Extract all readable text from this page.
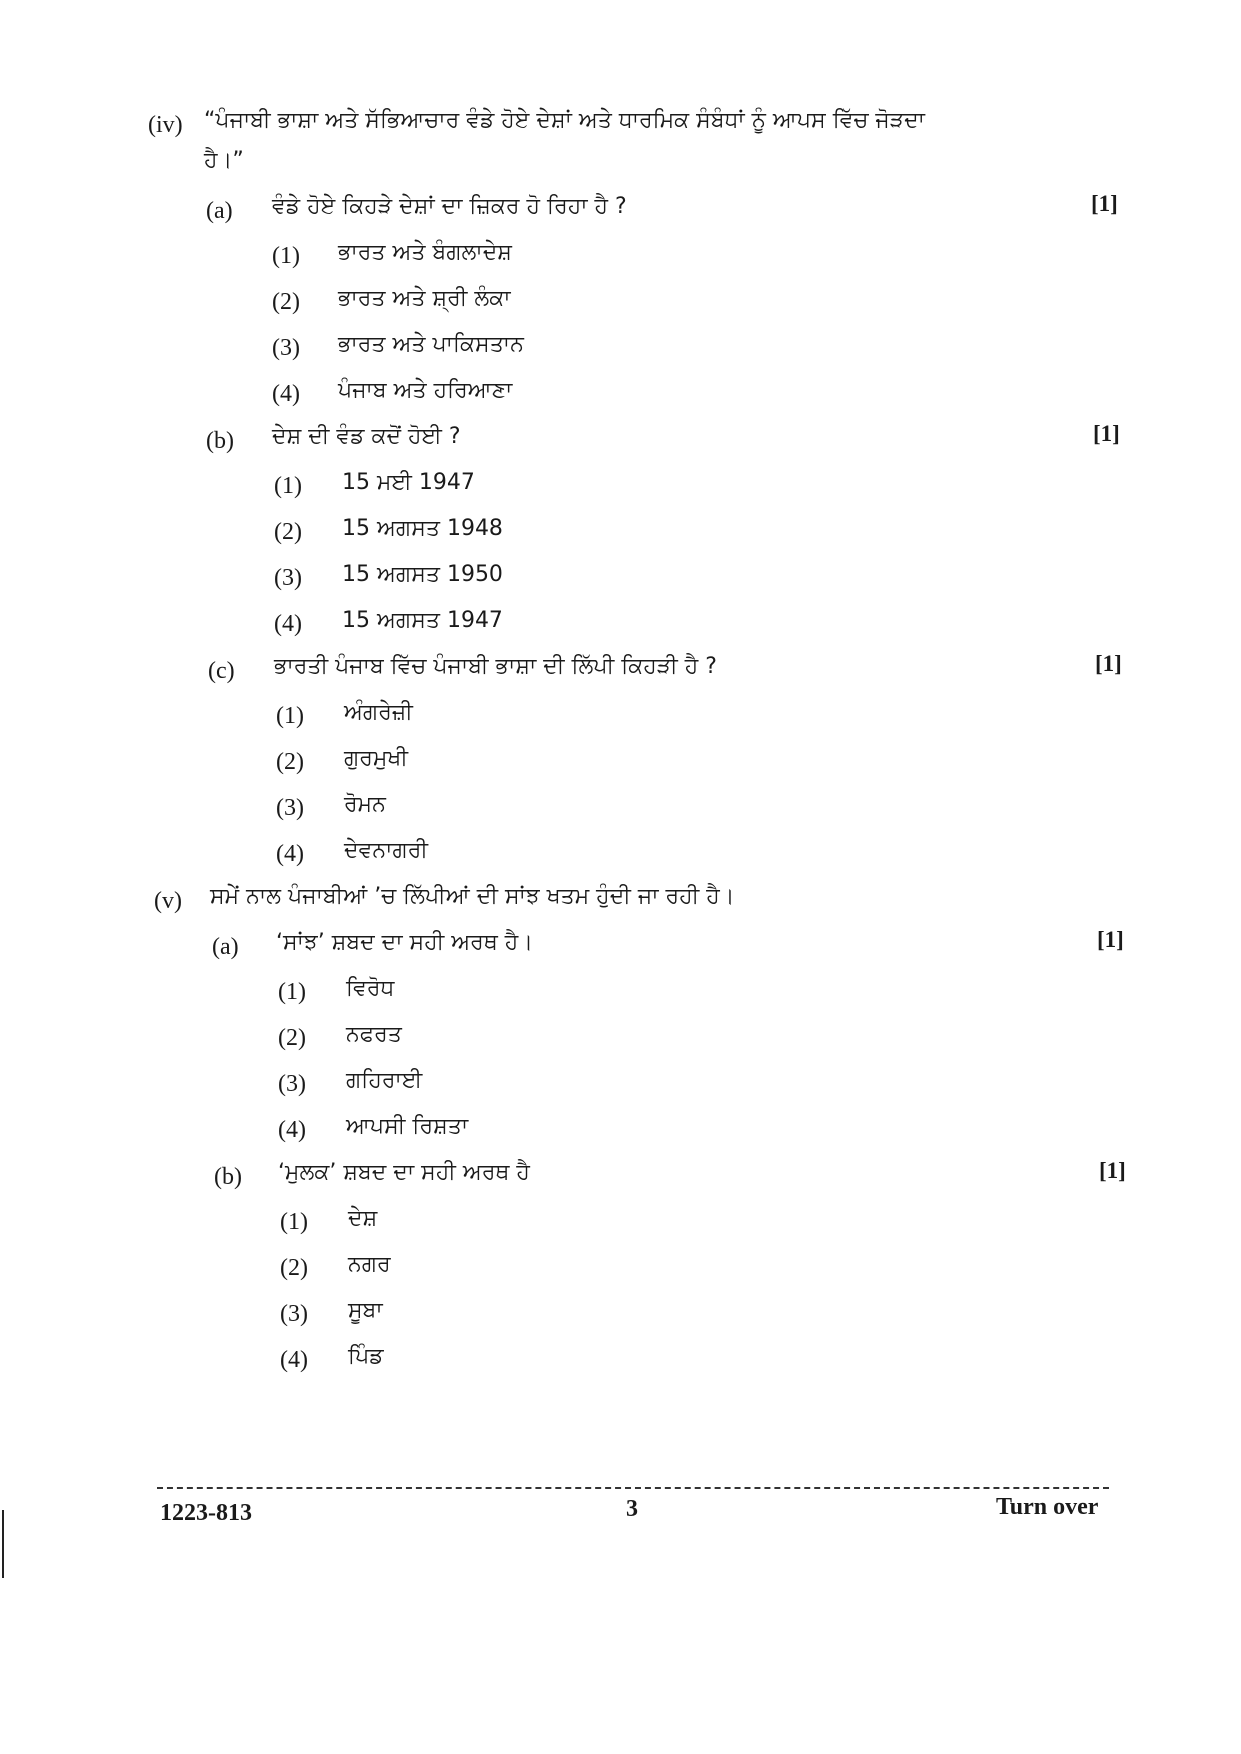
(iv) “ਪੰਜਾਬੀ ਭਾਸ਼ਾ ਅਤੇ ਸੱਭਿਆਚਾਰ ਵੰਡੇ ਹੋਏ ਦੇਸ਼ਾਂ ਅਤੇ ਧਾਰਮਿਕ ਸੰਬੰਧਾਂ ਨੂੰ ਆਪਸ ਵਿੱਚ ਜੋੜਦਾ
ਹੈ।”
(a) ਵੰਡੇ ਹੋਏ ਕਿਹੜੇ ਦੇਸ਼ਾਂ ਦਾ ਜ਼ਿਕਰ ਹੋ ਰਿਹਾ ਹੈ ?	[1]
(1) ਭਾਰਤ ਅਤੇ ਬੰਗਲਾਦੇਸ਼
(2) ਭਾਰਤ ਅਤੇ ਸ਼੍ਰੀ ਲੰਕਾ
(3) ਭਾਰਤ ਅਤੇ ਪਾਕਿਸਤਾਨ
(4) ਪੰਜਾਬ ਅਤੇ ਹਰਿਆਣਾ
(b) ਦੇਸ਼ ਦੀ ਵੰਡ ਕਦੋਂ ਹੋਈ ?	[1]
(1) 15 ਮਈ 1947
(2) 15 ਅਗਸਤ 1948
(3) 15 ਅਗਸਤ 1950
(4) 15 ਅਗਸਤ 1947
(c) ਭਾਰਤੀ ਪੰਜਾਬ ਵਿੱਚ ਪੰਜਾਬੀ ਭਾਸ਼ਾ ਦੀ ਲਿੱਪੀ ਕਿਹੜੀ ਹੈ ?	[1]
(1) ਅੰਗਰੇਜ਼ੀ
(2) ਗੁਰਮੁਖੀ
(3) ਰੋਮਨ
(4) ਦੇਵਨਾਗਰੀ
(v) ਸਮੇਂ ਨਾਲ ਪੰਜਾਬੀਆਂ ’ਚ ਲਿੱਪੀਆਂ ਦੀ ਸਾਂਝ ਖਤਮ ਹੁੰਦੀ ਜਾ ਰਹੀ ਹੈ।
(a) ‘ਸਾਂਝ’ ਸ਼ਬਦ ਦਾ ਸਹੀ ਅਰਥ ਹੈ।	[1]
(1) ਵਿਰੋਧ
(2) ਨਫਰਤ
(3) ਗਹਿਰਾਈ
(4) ਆਪਸੀ ਰਿਸ਼ਤਾ
(b) ‘ਮੁਲਕ’ ਸ਼ਬਦ ਦਾ ਸਹੀ ਅਰਥ ਹੈ	[1]
(1) ਦੇਸ਼
(2) ਨਗਰ
(3) ਸੂਬਾ
(4) ਪਿੰਡ
1223-813	3	Turn over
